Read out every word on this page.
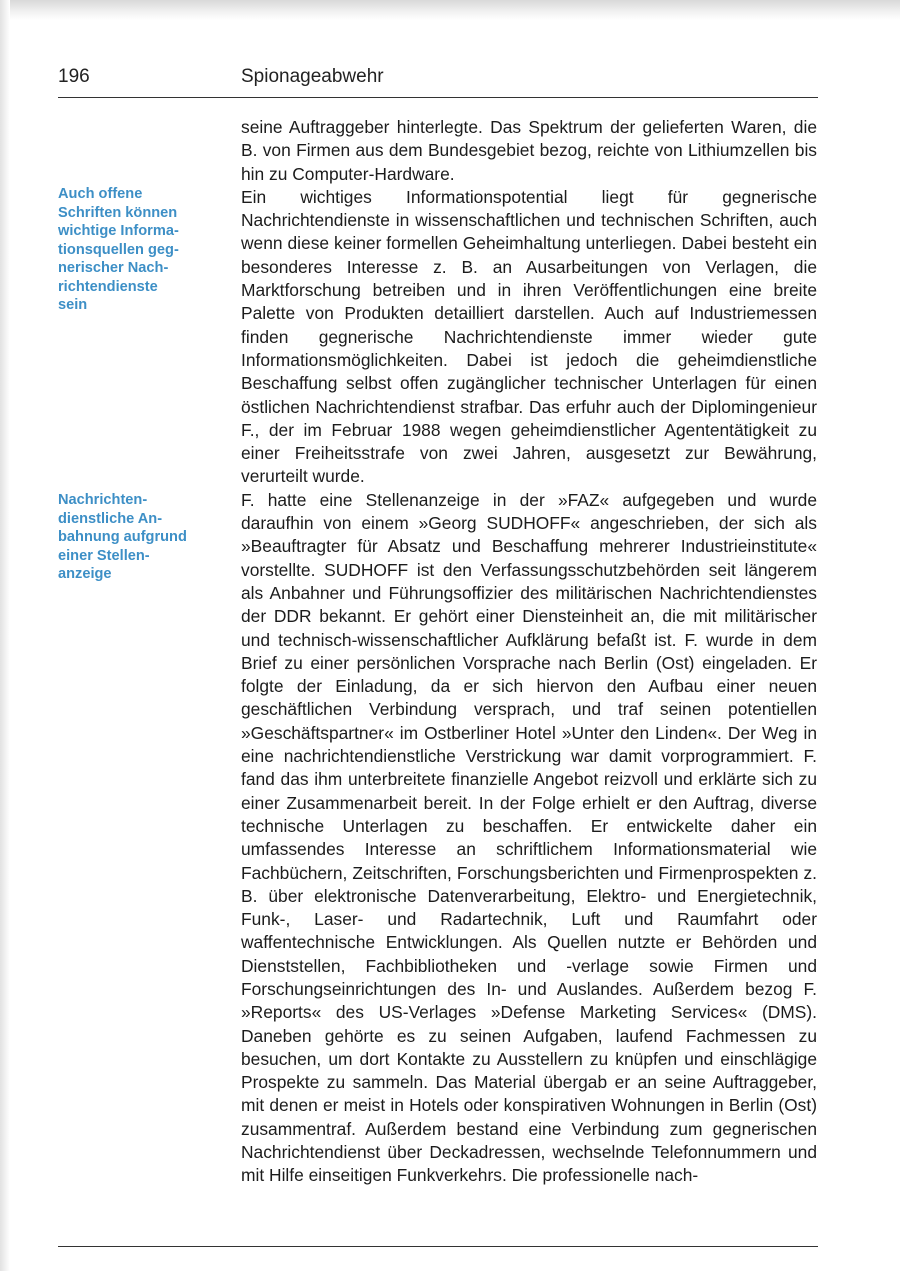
196	Spionageabwehr
Auch offene
Schriften können
wichtige Informa-
tionsquellen geg-
nerischer Nach-
richtendienste
sein
Nachrichten-
dienstliche An-
bahnung aufgrund
einer Stellen-
anzeige

seine Auftraggeber hinterlegte. Das Spektrum der gelieferten Waren, die B. von Firmen aus dem Bundesgebiet bezog, reichte von Lithiumzellen bis hin zu Computer-Hardware.

Ein wichtiges Informationspotential liegt für gegnerische Nachrichtendienste in wissenschaftlichen und technischen Schriften, auch wenn diese keiner formellen Geheimhaltung unterliegen. Dabei besteht ein besonderes Interesse z. B. an Ausarbeitungen von Verlagen, die Marktforschung betreiben und in ihren Veröffentlichungen eine breite Palette von Produkten detailliert darstellen. Auch auf Industriemessen finden gegnerische Nachrichtendienste immer wieder gute Informationsmöglichkeiten. Dabei ist jedoch die geheimdienstliche Beschaffung selbst offen zugänglicher technischer Unterlagen für einen östlichen Nachrichtendienst strafbar. Das erfuhr auch der Diplomingenieur F., der im Februar 1988 wegen geheimdienstlicher Agententätigkeit zu einer Freiheitsstrafe von zwei Jahren, ausgesetzt zur Bewährung, verurteilt wurde.

F. hatte eine Stellenanzeige in der »FAZ« aufgegeben und wurde daraufhin von einem »Georg SUDHOFF« angeschrieben, der sich als »Beauftragter für Absatz und Beschaffung mehrerer Industrieinstitute« vorstellte. SUDHOFF ist den Verfassungsschutzbehörden seit längerem als Anbahner und Führungsoffizier des militärischen Nachrichtendienstes der DDR bekannt. Er gehört einer Diensteinheit an, die mit militärischer und technisch-wissenschaftlicher Aufklärung befaßt ist. F. wurde in dem Brief zu einer persönlichen Vorsprache nach Berlin (Ost) eingeladen. Er folgte der Einladung, da er sich hiervon den Aufbau einer neuen geschäftlichen Verbindung versprach, und traf seinen potentiellen »Geschäftspartner« im Ostberliner Hotel »Unter den Linden«. Der Weg in eine nachrichtendienstliche Verstrickung war damit vorprogrammiert. F. fand das ihm unterbreitete finanzielle Angebot reizvoll und erklärte sich zu einer Zusammenarbeit bereit. In der Folge erhielt er den Auftrag, diverse technische Unterlagen zu beschaffen. Er entwickelte daher ein umfassendes Interesse an schriftlichem Informationsmaterial wie Fachbüchern, Zeitschriften, Forschungsberichten und Firmenprospekten z. B. über elektronische Datenverarbeitung, Elektro- und Energietechnik, Funk-, Laser- und Radartechnik, Luft und Raumfahrt oder waffentechnische Entwicklungen. Als Quellen nutzte er Behörden und Dienststellen, Fachbibliotheken und -verlage sowie Firmen und Forschungseinrichtungen des In- und Auslandes. Außerdem bezog F. »Reports« des US-Verlages »Defense Marketing Services« (DMS). Daneben gehörte es zu seinen Aufgaben, laufend Fachmessen zu besuchen, um dort Kontakte zu Ausstellern zu knüpfen und einschlägige Prospekte zu sammeln. Das Material übergab er an seine Auftraggeber, mit denen er meist in Hotels oder konspirativen Wohnungen in Berlin (Ost) zusammentraf. Außerdem bestand eine Verbindung zum gegnerischen Nachrichtendienst über Deckadressen, wechselnde Telefonnummern und mit Hilfe einseitigen Funkverkehrs. Die professionelle nach-
